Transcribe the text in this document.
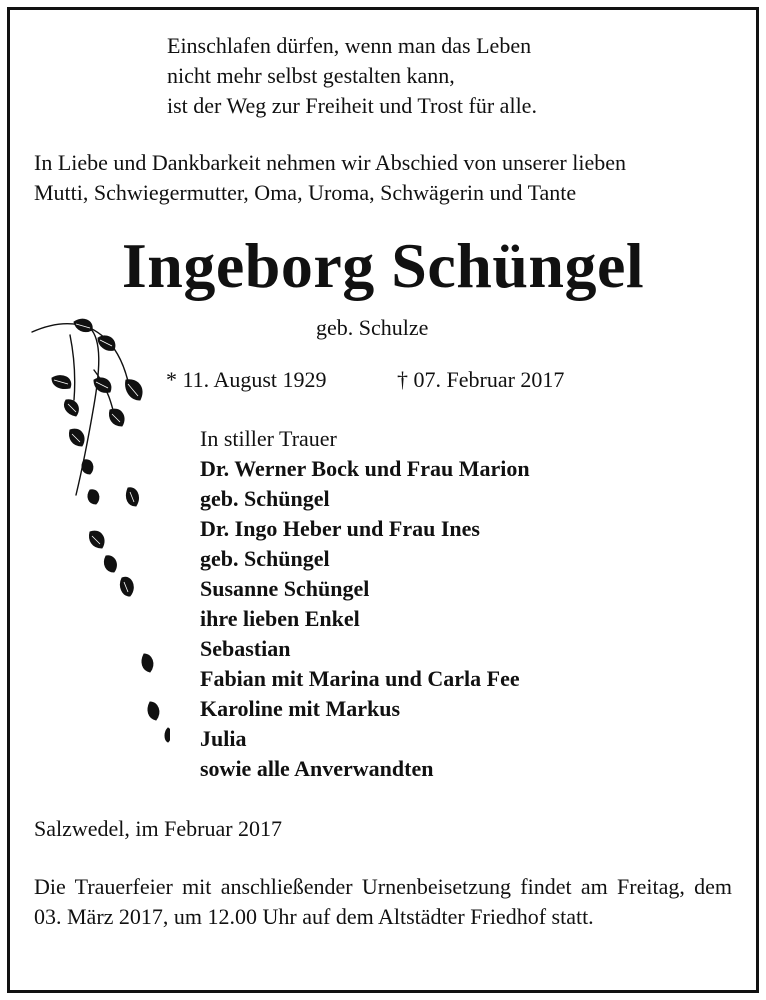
Einschlafen dürfen, wenn man das Leben
nicht mehr selbst gestalten kann,
ist der Weg zur Freiheit und Trost für alle.
In Liebe und Dankbarkeit nehmen wir Abschied von unserer lieben
Mutti, Schwiegermutter, Oma, Uroma, Schwägerin und Tante
Ingeborg Schüngel
geb. Schulze
* 11. August 1929	† 07. Februar 2017
In stiller Trauer
Dr. Werner Bock und Frau Marion
geb. Schüngel
Dr. Ingo Heber und Frau Ines
geb. Schüngel
Susanne Schüngel
ihre lieben Enkel
Sebastian
Fabian mit Marina und Carla Fee
Karoline mit Markus
Julia
sowie alle Anverwandten
Salzwedel, im Februar 2017
Die Trauerfeier mit anschließender Urnenbeisetzung findet am Freitag, dem 03. März 2017, um 12.00 Uhr auf dem Altstädter Friedhof statt.
